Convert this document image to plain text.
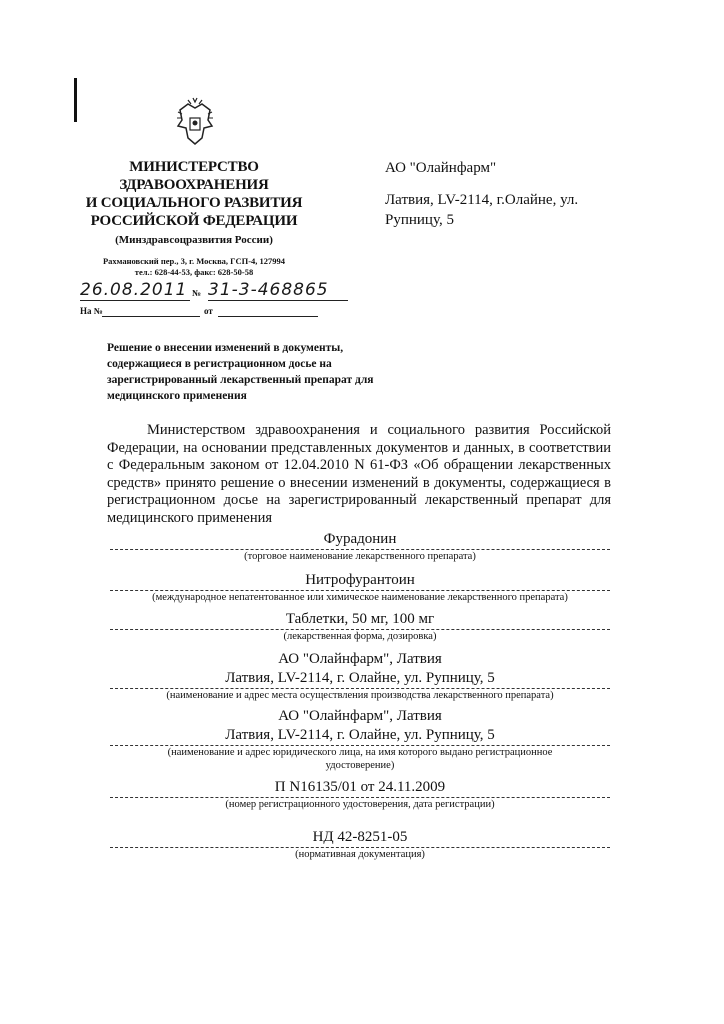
МИНИСТЕРСТВО
ЗДРАВООХРАНЕНИЯ
И СОЦИАЛЬНОГО РАЗВИТИЯ
РОССИЙСКОЙ ФЕДЕРАЦИИ
(Минздравсоцразвития России)
Рахмановский пер., 3, г. Москва, ГСП-4, 127994
тел.: 628-44-53, факс: 628-50-58
26.08.2011 № 31-3-468865
На №	от
АО "Олайнфарм"
Латвия, LV-2114, г.Олайне, ул.
Рупницу, 5
Решение о внесении изменений в документы, содержащиеся в регистрационном досье на зарегистрированный лекарственный препарат для медицинского применения
Министерством здравоохранения и социального развития Российской Федерации, на основании представленных документов и данных, в соответствии с Федеральным законом от 12.04.2010 N 61-ФЗ «Об обращении лекарственных средств» принято решение о внесении изменений в документы, содержащиеся в регистрационном досье на зарегистрированный лекарственный препарат для медицинского применения
Фурадонин
(торговое наименование лекарственного препарата)
Нитрофурантоин
(международное непатентованное или химическое наименование лекарственного препарата)
Таблетки, 50 мг, 100 мг
(лекарственная форма, дозировка)
АО "Олайнфарм", Латвия
Латвия, LV-2114, г. Олайне, ул. Рупницу, 5
(наименование и адрес места осуществления производства лекарственного препарата)
АО "Олайнфарм", Латвия
Латвия, LV-2114, г. Олайне, ул. Рупницу, 5
(наименование и адрес юридического лица, на имя которого выдано регистрационное
удостоверение)
П N16135/01 от 24.11.2009
(номер регистрационного удостоверения, дата регистрации)
НД 42-8251-05
(нормативная документация)
